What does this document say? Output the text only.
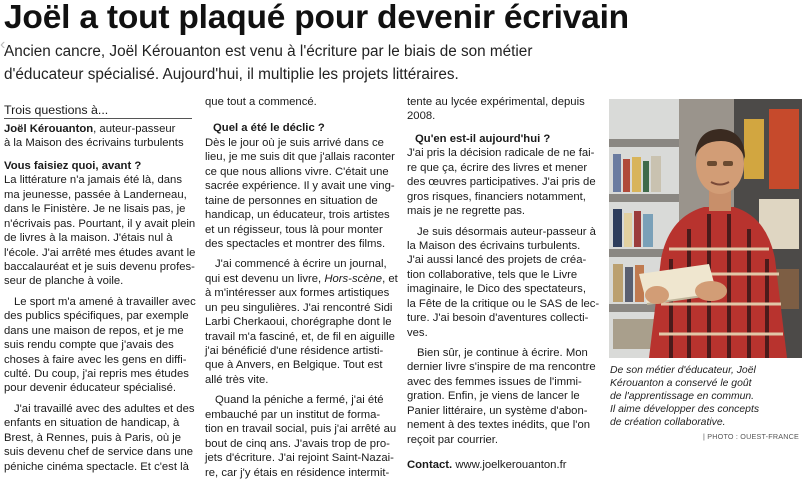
Joël a tout plaqué pour devenir écrivain
‹
Ancien cancre, Joël Kérouanton est venu à l'écriture par le biais de son métier
d'éducateur spécialisé. Aujourd'hui, il multiplie les projets littéraires.
Trois questions à...
Joël Kérouanton, auteur-passeur
à la Maison des écrivains turbulents
Vous faisiez quoi, avant ?
La littérature n'a jamais été là, dans
ma jeunesse, passée à Landerneau,
dans le Finistère. Je ne lisais pas, je
n'écrivais pas. Pourtant, il y avait plein
de livres à la maison. J'étais nul à
l'école. J'ai arrêté mes études avant le
baccalauréat et je suis devenu profes-
seur de planche à voile.
Le sport m'a amené à travailler avec
des publics spécifiques, par exemple
dans une maison de repos, et je me
suis rendu compte que j'avais des
choses à faire avec les gens en diffi-
culté. Du coup, j'ai repris mes études
pour devenir éducateur spécialisé.
J'ai travaillé avec des adultes et des
enfants en situation de handicap, à
Brest, à Rennes, puis à Paris, où je
suis devenu chef de service dans une
péniche cinéma spectacle. Et c'est là
que tout a commencé.
Quel a été le déclic ?
Dès le jour où je suis arrivé dans ce
lieu, je me suis dit que j'allais raconter
ce que nous allions vivre. C'était une
sacrée expérience. Il y avait une ving-
taine de personnes en situation de
handicap, un éducateur, trois artistes
et un régisseur, tous là pour monter
des spectacles et montrer des films.
J'ai commencé à écrire un journal,
qui est devenu un livre, Hors-scène, et
à m'intéresser aux formes artistiques
un peu singulières. J'ai rencontré Sidi
Larbi Cherkaoui, chorégraphe dont le
travail m'a fasciné, et, de fil en aiguille
j'ai bénéficié d'une résidence artisti-
que à Anvers, en Belgique. Tout est
allé très vite.
Quand la péniche a fermé, j'ai été
embauché par un institut de forma-
tion en travail social, puis j'ai arrêté au
bout de cinq ans. J'avais trop de pro-
jets d'écriture. J'ai rejoint Saint-Nazai-
re, car j'y étais en résidence intermit-
tente au lycée expérimental, depuis
2008.
Qu'en est-il aujourd'hui ?
J'ai pris la décision radicale de ne fai-
re que ça, écrire des livres et mener
des œuvres participatives. J'ai pris de
gros risques, financiers notamment,
mais je ne regrette pas.
Je suis désormais auteur-passeur à
la Maison des écrivains turbulents.
J'ai aussi lancé des projets de créa-
tion collaborative, tels que le Livre
imaginaire, le Dico des spectateurs,
la Fête de la critique ou le SAS de lec-
ture. J'ai besoin d'aventures collecti-
ves.
Bien sûr, je continue à écrire. Mon
dernier livre s'inspire de ma rencontre
avec des femmes issues de l'immi-
gration. Enfin, je viens de lancer le
Panier littéraire, un système d'abon-
nement à des textes inédits, que l'on
reçoit par courrier.
Contact. www.joelkerouanton.fr
De son métier d'éducateur, Joël
Kérouanton a conservé le goût
de l'apprentissage en commun.
Il aime développer des concepts
de création collaborative.
| PHOTO : OUEST-FRANCE
